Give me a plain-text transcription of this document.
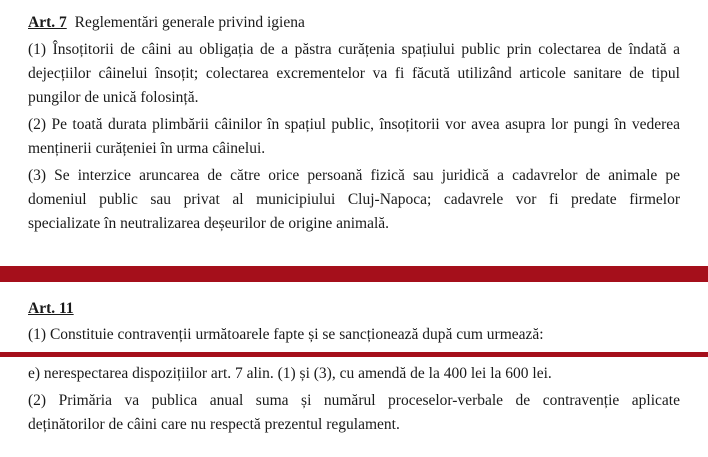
Art. 7 Reglementări generale privind igiena
(1) Însoțitorii de câini au obligația de a păstra curățenia spațiului public prin colectarea de îndată a
dejecțiilor câinelui însoțit; colectarea excrementelor va fi făcută utilizând articole sanitare de tipul
pungilor de unică folosință.
(2) Pe toată durata plimbării câinilor în spațiul public, însoțitorii vor avea asupra lor pungi în vederea
menținerii curățeniei în urma câinelui.
(3) Se interzice aruncarea de către orice persoană fizică sau juridică a cadavrelor de animale pe
domeniul public sau privat al municipiului Cluj-Napoca; cadavrele vor fi predate firmelor
specializate în neutralizarea deșeurilor de origine animală.
Art. 11
(1) Constituie contravenții următoarele fapte și se sancționează după cum urmează:
e) nerespectarea dispozițiilor art. 7 alin. (1) și (3), cu amendă de la 400 lei la 600 lei.
(2) Primăria va publica anual suma și numărul proceselor-verbale de contravenție aplicate
deținătorilor de câini care nu respectă prezentul regulament.
